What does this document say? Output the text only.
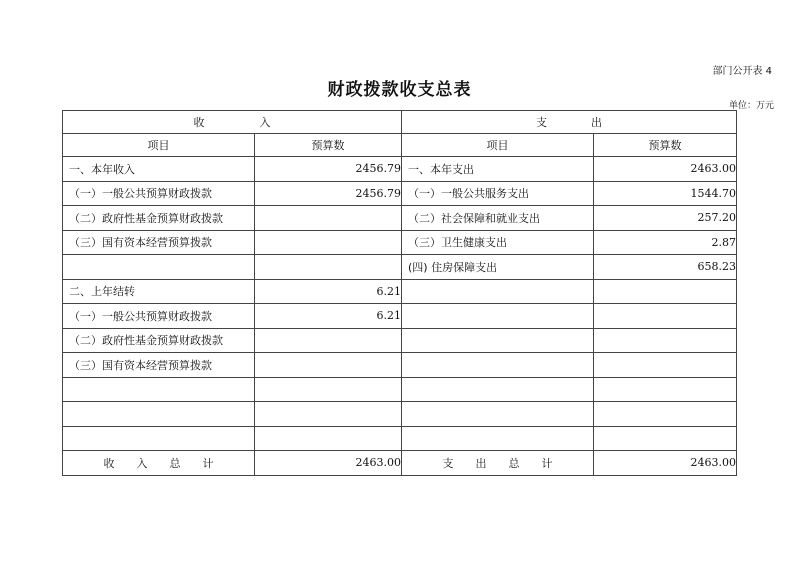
部门公开表 4
财政拨款收支总表
单位：万元
收　　　　　入		支　　　　出	
项目	预算数	项目	预算数
一、本年收入	2456.79	一、本年支出	2463.00
（一）一般公共预算财政拨款	2456.79	（一）一般公共服务支出	1544.70
（二）政府性基金预算财政拨款		（二）社会保障和就业支出	257.20
（三）国有资本经营预算拨款		（三）卫生健康支出	2.87
		(四) 住房保障支出	658.23
二、上年结转	6.21		
（一）一般公共预算财政拨款	6.21		
（二）政府性基金预算财政拨款			
（三）国有资本经营预算拨款			

收　　入　　总　　计	2463.00	支　　出　　总　　计	2463.00
